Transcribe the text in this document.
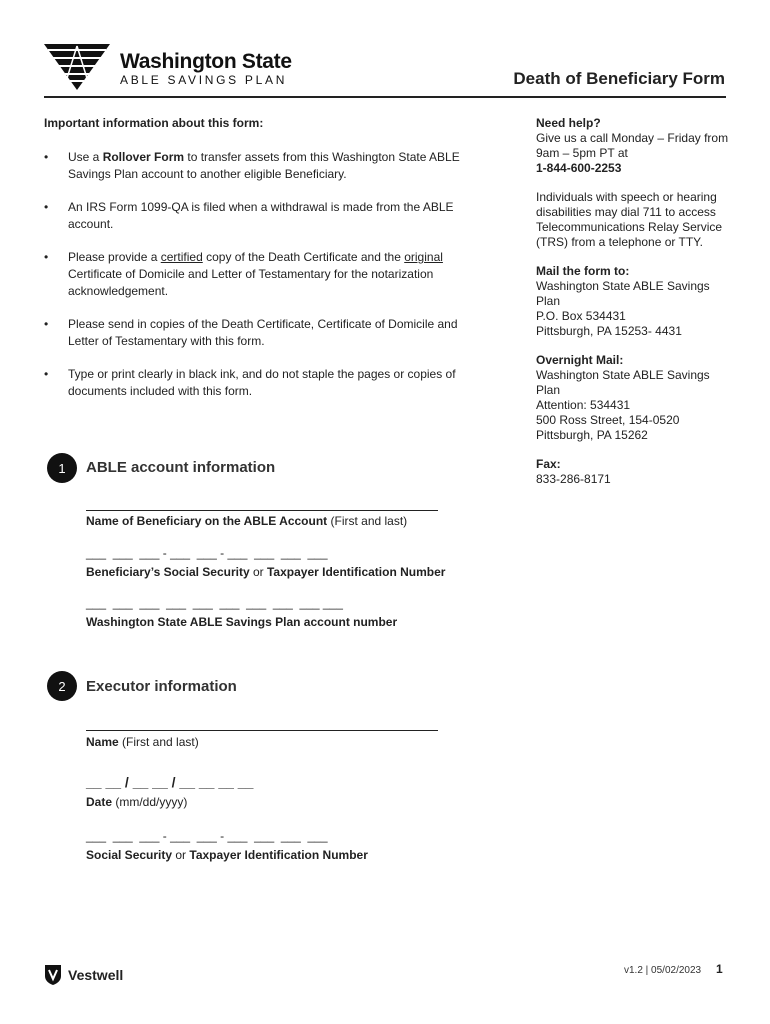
Washington State
ABLE SAVINGS PLAN	Death of Beneficiary Form
Important information about this form:
• Use a Rollover Form to transfer assets from this Washington State ABLE Savings Plan account to another eligible Beneficiary.
• An IRS Form 1099-QA is filed when a withdrawal is made from the ABLE account.
• Please provide a certified copy of the Death Certificate and the original Certificate of Domicile and Letter of Testamentary for the notarization acknowledgement.
• Please send in copies of the Death Certificate, Certificate of Domicile and Letter of Testamentary with this form.
• Type or print clearly in black ink, and do not staple the pages or copies of documents included with this form.

Need help?

Give us a call Monday – Friday from 9am – 5pm PT at

1-844-600-2253

Individuals with speech or hearing disabilities may dial 711 to access Telecommunications Relay Service (TRS) from a telephone or TTY.

Mail the form to:

Washington State ABLE Savings Plan

P.O. Box 534431

Pittsburgh, PA 15253- 4431

Overnight Mail:

Washington State ABLE Savings Plan

Attention: 534431

500 Ross Street, 154-0520

Pittsburgh, PA 15262

Fax:

833-286-8171

1	ABLE account information
Name of Beneficiary on the ABLE Account (First and last)
___  ___  ___ - ___  ___ - ___  ___  ___  ___
Beneficiary’s Social Security or Taxpayer Identification Number
___  ___  ___  ___  ___  ___  ___  ___  ___ ___
Washington State ABLE Savings Plan account number
2	Executor information
Name (First and last)
__ __ / __ __ / __ __ __ __
Date (mm/dd/yyyy)
___  ___  ___ - ___  ___ - ___  ___  ___  ___
Social Security or Taxpayer Identification Number
Vestwell	v1.2 | 05/02/2023 1
